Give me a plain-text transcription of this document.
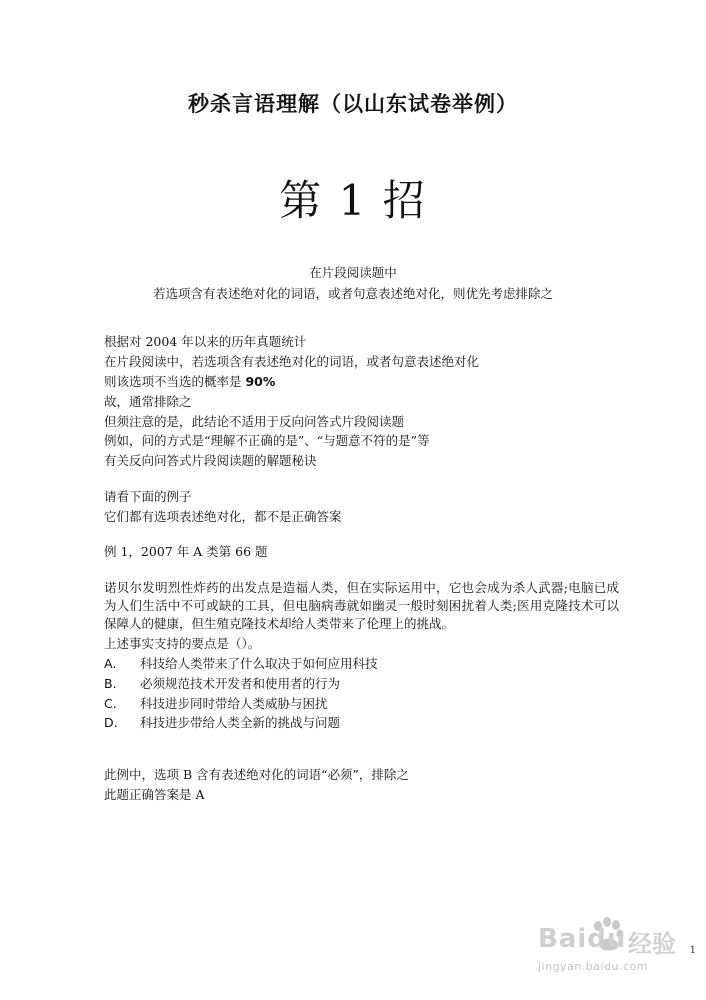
秒杀言语理解（以山东试卷举例）
第 1 招
在片段阅读题中
若选项含有表述绝对化的词语，或者句意表述绝对化，则优先考虑排除之
根据对 2004 年以来的历年真题统计
在片段阅读中，若选项含有表述绝对化的词语，或者句意表述绝对化
则该选项不当选的概率是 90%
故，通常排除之
但须注意的是，此结论不适用于反向问答式片段阅读题
例如，问的方式是“理解不正确的是”、“与题意不符的是”等
有关反向问答式片段阅读题的解题秘诀
请看下面的例子
它们都有选项表述绝对化，都不是正确答案
例 1，2007 年 A 类第 66 题
诺贝尔发明烈性炸药的出发点是造福人类，但在实际运用中，它也会成为杀人武器;电脑已成为人们生活中不可或缺的工具，但电脑病毒就如幽灵一般时刻困扰着人类;医用克隆技术可以保障人的健康，但生殖克隆技术却给人类带来了伦理上的挑战。
上述事实支持的要点是（）。
A. 科技给人类带来了什么取决于如何应用科技
B. 必须规范技术开发者和使用者的行为
C. 科技进步同时带给人类威胁与困扰
D. 科技进步带给人类全新的挑战与问题
此例中，选项 B 含有表述绝对化的词语“必须”，排除之
此题正确答案是 A
1
Baidu 经验
jingyan.baidu.com
